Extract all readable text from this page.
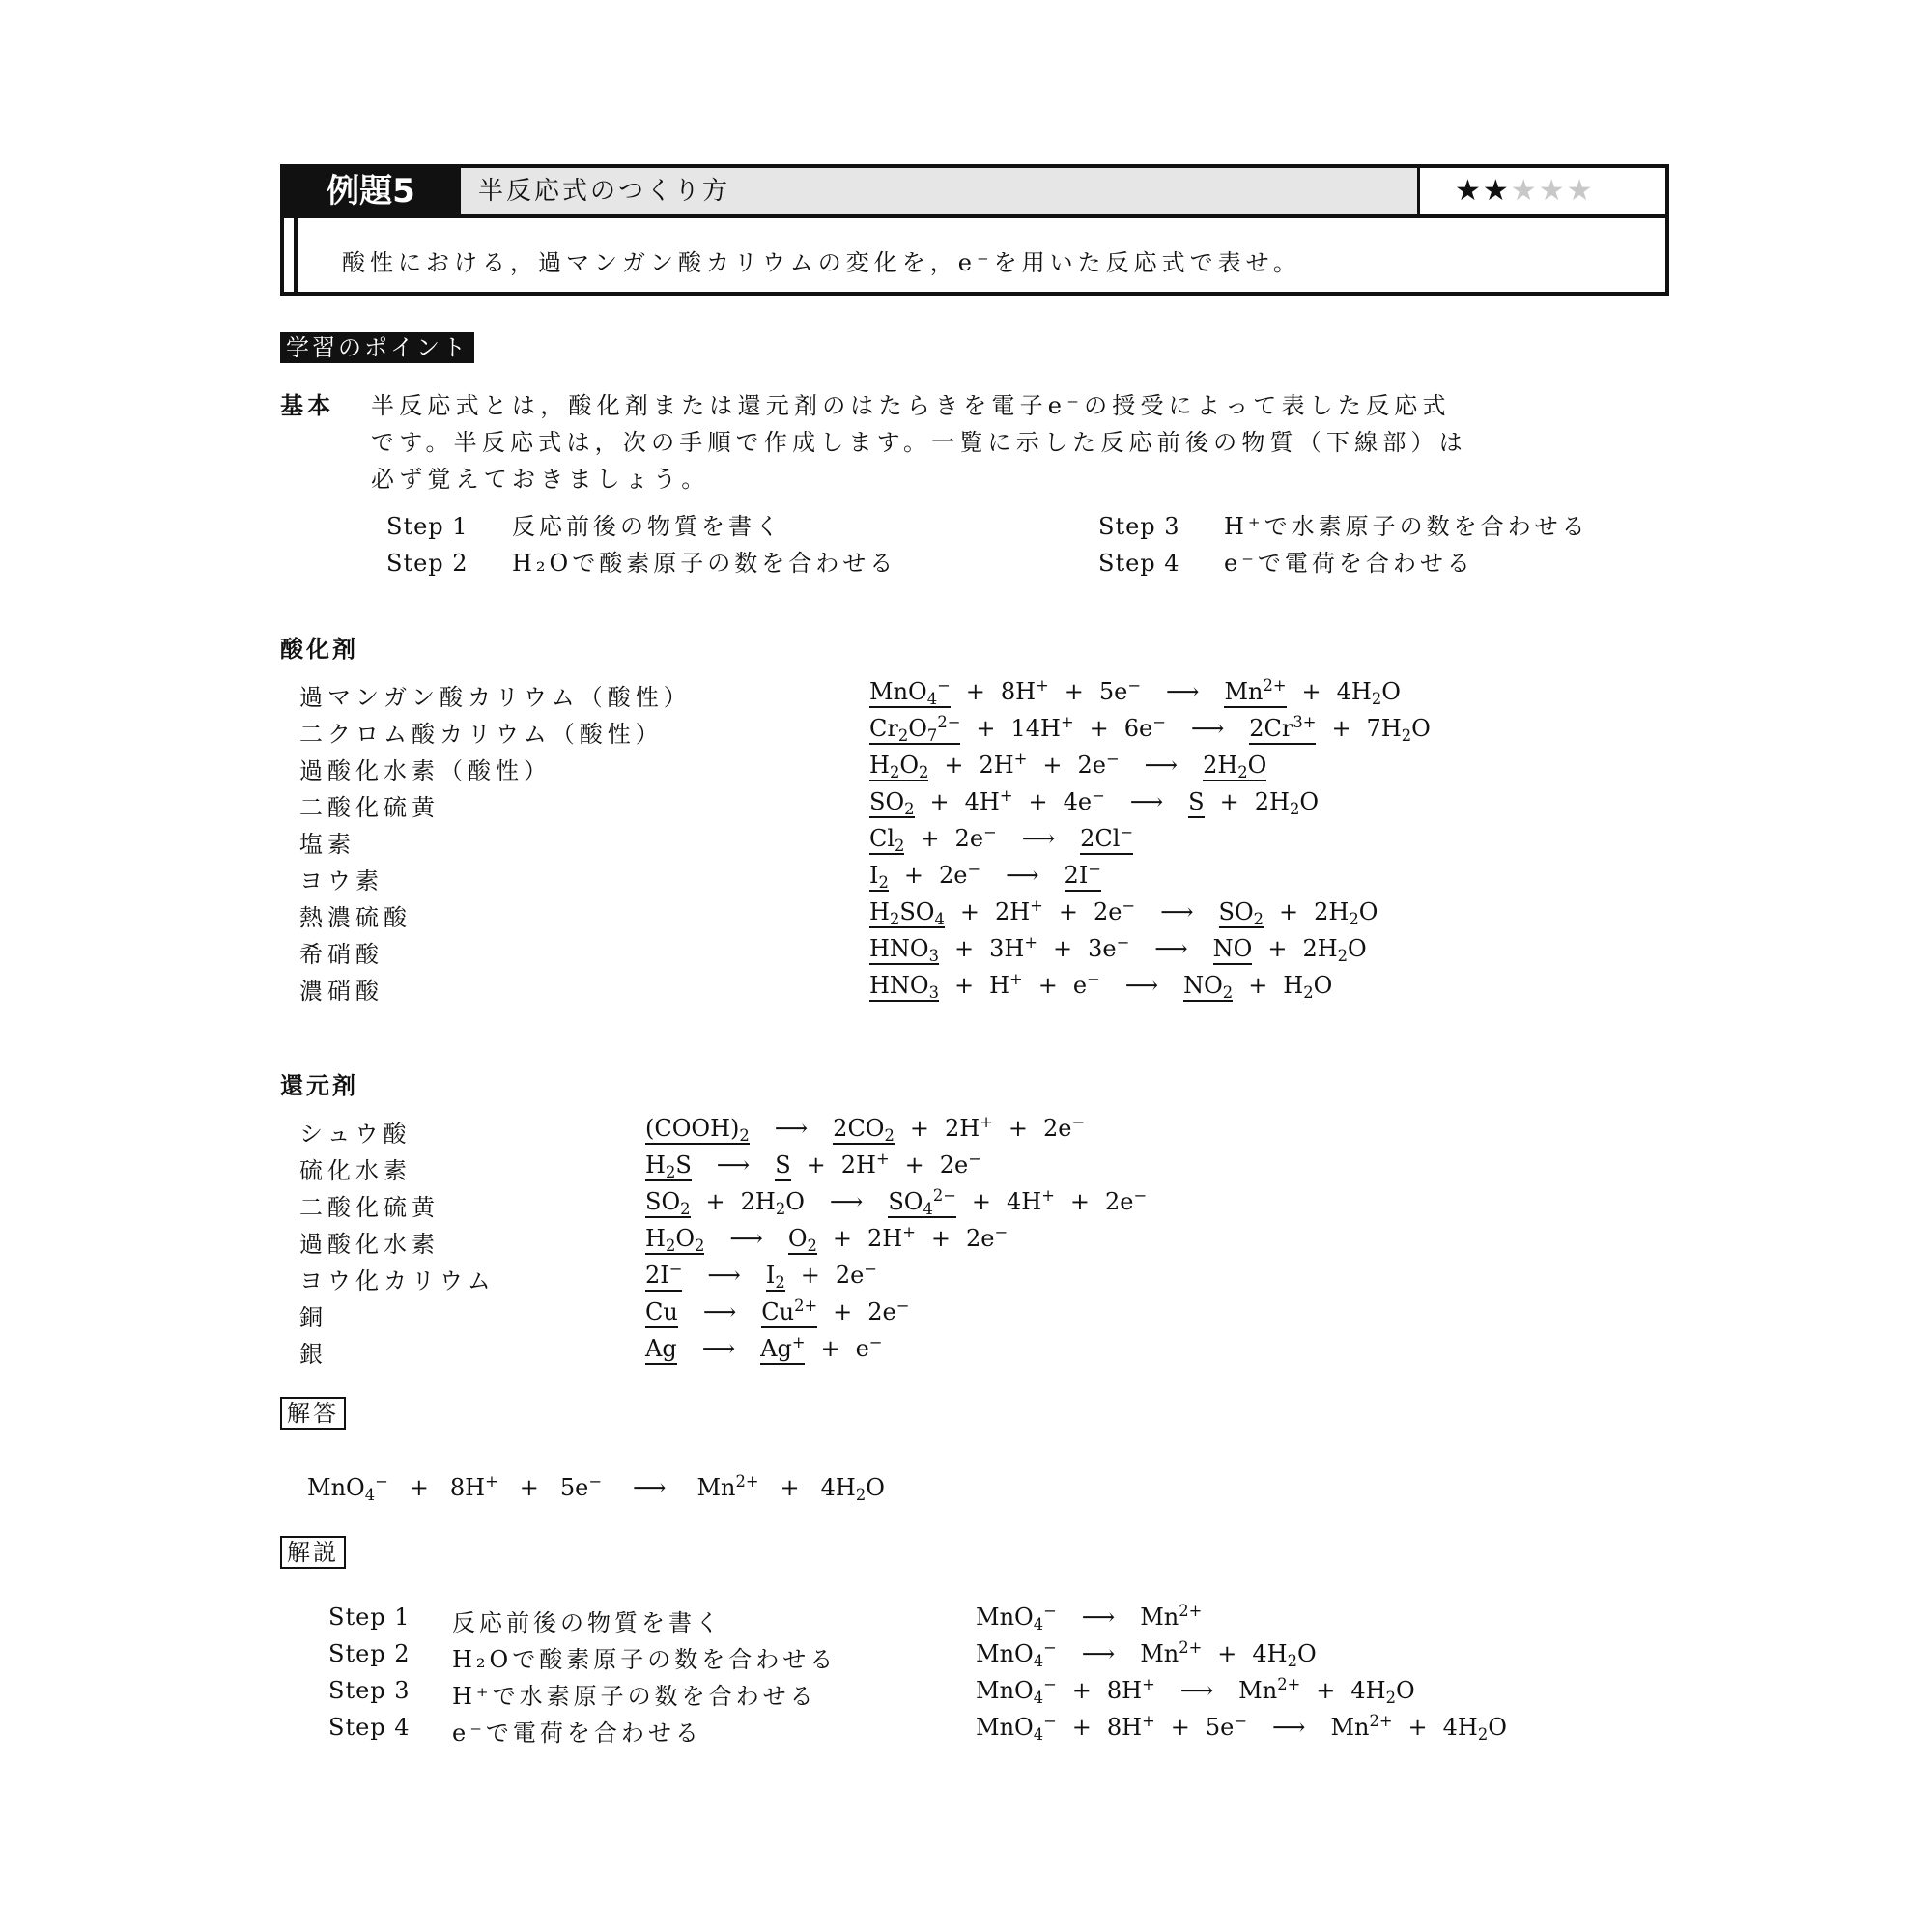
例題5	半反応式のつくり方	★★★★★
酸性における，過マンガン酸カリウムの変化を，e⁻を用いた反応式で表せ。
学習のポイント
基本 半反応式とは，酸化剤または還元剤のはたらきを電子e⁻の授受によって表した反応式
です。半反応式は，次の手順で作成します。一覧に示した反応前後の物質（下線部）は
必ず覚えておきましょう。
Step 1 反応前後の物質を書く
Step 2 H₂Oで酸素原子の数を合わせる
Step 3 H⁺で水素原子の数を合わせる
Step 4 e⁻で電荷を合わせる
酸化剤
過マンガン酸カリウム（酸性）	MnO$_4$− + 8H+ + 5e− ⟶ $Mn^{2+} + 4H_2O$
二クロム酸カリウム（酸性）	$Cr_2O_7^{2-} + 14H^+ + 6e^-$ ⟶ $2Cr^{3+} + 7H_2O$
過酸化水素（酸性）	$H_2O_2 + 2H^+ + 2e^-$ ⟶ $2H_2O$
二酸化硫黄	$SO_2 + 4H^+ + 4e^-$ ⟶ $S + 2H_2O$
塩素	$Cl_2 + 2e^-$ ⟶ 2Cl−
ヨウ素	$I_2 + 2e^-$ ⟶ 2I−
熱濃硫酸	$H_2SO_4 + 2H^+ + 2e^-$ ⟶ $SO_2 + 2H_2O$
希硝酸	$HNO_3 + 3H^+ + 3e^-$ ⟶ NO + $2H_2O$
濃硝酸	$HNO_3 + H^+ + e^-$ ⟶ $NO_2 + H_2O$
還元剤
シュウ酸	$(COOH)_2$ ⟶ $2CO_2 + 2H^+ + 2e^-$
硫化水素	$H_2S$ ⟶ S + 2H+ + 2e−
二酸化硫黄	$SO_2 + 2H_2O$ ⟶ $SO_4^{2-} + 4H^+ + 2e^-$
過酸化水素	$H_2O_2$ ⟶ $O_2 + 2H^+ + 2e^-$
ヨウ化カリウム	2I− ⟶ $I_2 + 2e^-$
銅	Cu ⟶ $Cu^{2+} + 2e^-$
銀	Ag ⟶ Ag+ + e−
解答
MnO$_4$− + 8H+ + 5e− ⟶ $Mn^{2+} + 4H_2O$
解説
Step 1 反応前後の物質を書く	MnO$_4$− ⟶ $Mn^{2+}$
Step 2 H₂Oで酸素原子の数を合わせる	MnO$_4$− ⟶ $Mn^{2+} + 4H_2O$
Step 3 H⁺で水素原子の数を合わせる	MnO$_4$− + 8H+ ⟶ $Mn^{2+} + 4H_2O$
Step 4 e⁻で電荷を合わせる	MnO$_4$− + 8H+ + 5e− ⟶ $Mn^{2+} + 4H_2O$
